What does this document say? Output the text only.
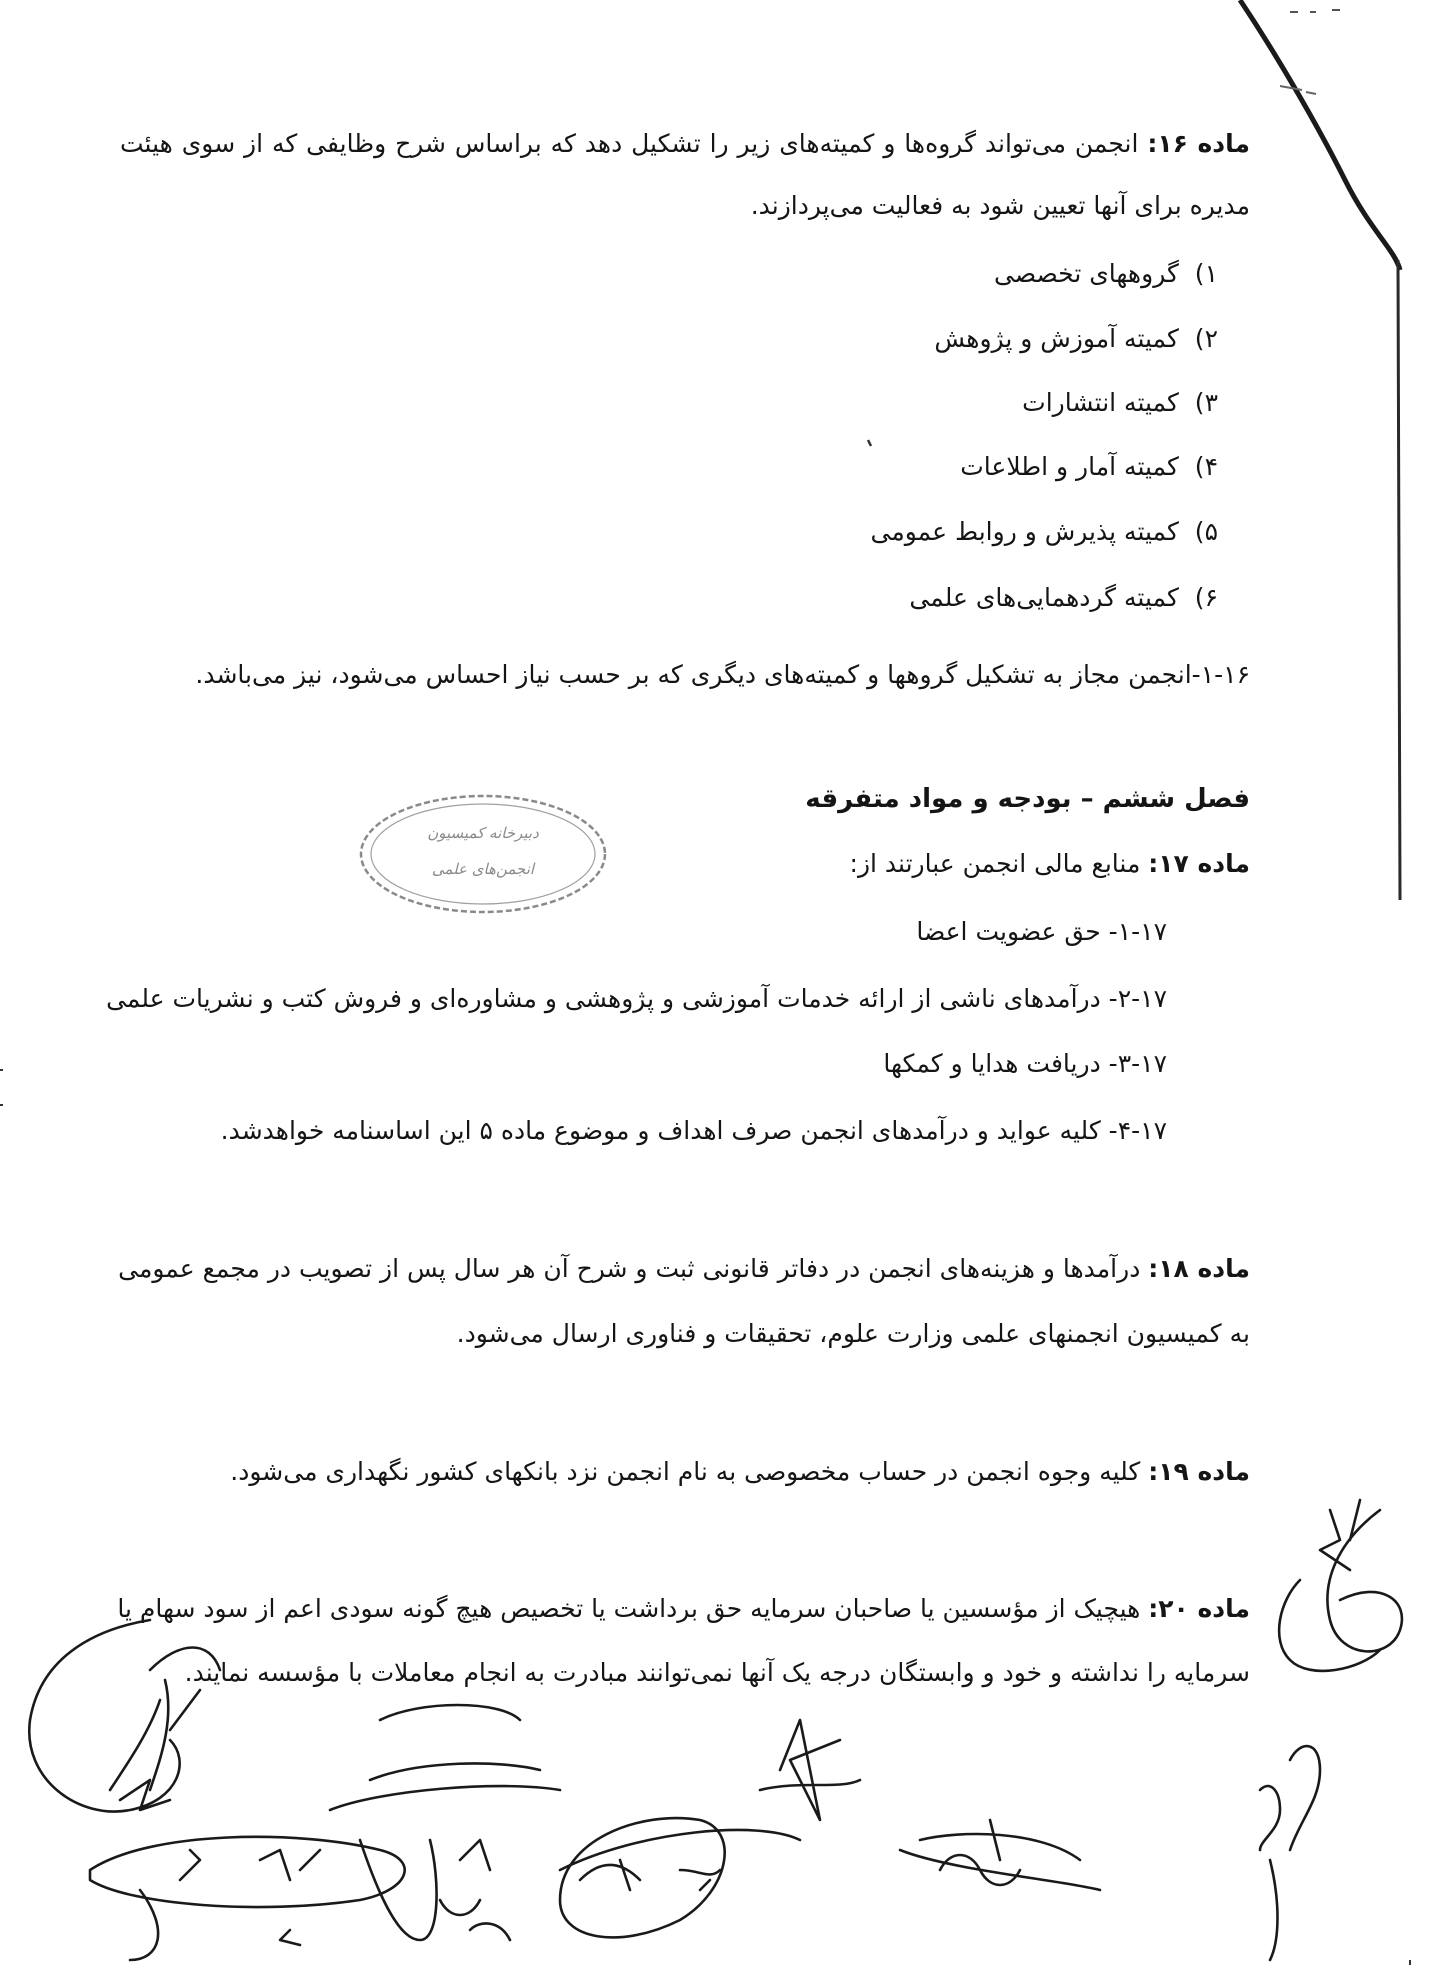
ماده ۱۶: انجمن می‌تواند گروه‌ها و کمیته‌های زیر را تشکیل دهد که براساس شرح وظایفی که از سوی هیئت
مدیره برای آنها تعیین شود به فعالیت می‌پردازند.
۱)  گروههای تخصصی
۲)  کمیته آموزش و پژوهش
۳)  کمیته انتشارات
۴)  کمیته آمار و اطلاعات
۵)  کمیته پذیرش و روابط عمومی
۶)  کمیته گردهمایی‌های علمی
۱-۱۶-انجمن مجاز به تشکیل گروهها و کمیته‌های دیگری که بر حسب نیاز احساس می‌شود، نیز می‌باشد.
فصل ششم – بودجه و مواد متفرقه
دبیرخانه کمیسیون
انجمن‌های علمی	ماده ۱۷: منابع مالی انجمن عبارتند از:
۱-۱۷- حق عضویت اعضا
۲-۱۷- درآمدهای ناشی از ارائه خدمات آموزشی و پژوهشی و مشاوره‌ای و فروش کتب و نشریات علمی
۳-۱۷- دریافت هدایا و کمکها
۴-۱۷- کلیه عواید و درآمدهای انجمن صرف اهداف و موضوع ماده ۵ این اساسنامه خواهدشد.
ماده ۱۸: درآمدها و هزینه‌های انجمن در دفاتر قانونی ثبت و شرح آن هر سال پس از تصویب در مجمع عمومی
به کمیسیون انجمنهای علمی وزارت علوم، تحقیقات و فناوری ارسال می‌شود.
ماده ۱۹: کلیه وجوه انجمن در حساب مخصوصی به نام انجمن نزد بانکهای کشور نگهداری می‌شود.
ماده ۲۰: هیچیک از مؤسسین یا صاحبان سرمایه حق برداشت یا تخصیص هیچ گونه سودی اعم از سود سهام یا
سرمایه را نداشته و خود و وابستگان درجه یک آنها نمی‌توانند مبادرت به انجام معاملات با مؤسسه نمایند.
